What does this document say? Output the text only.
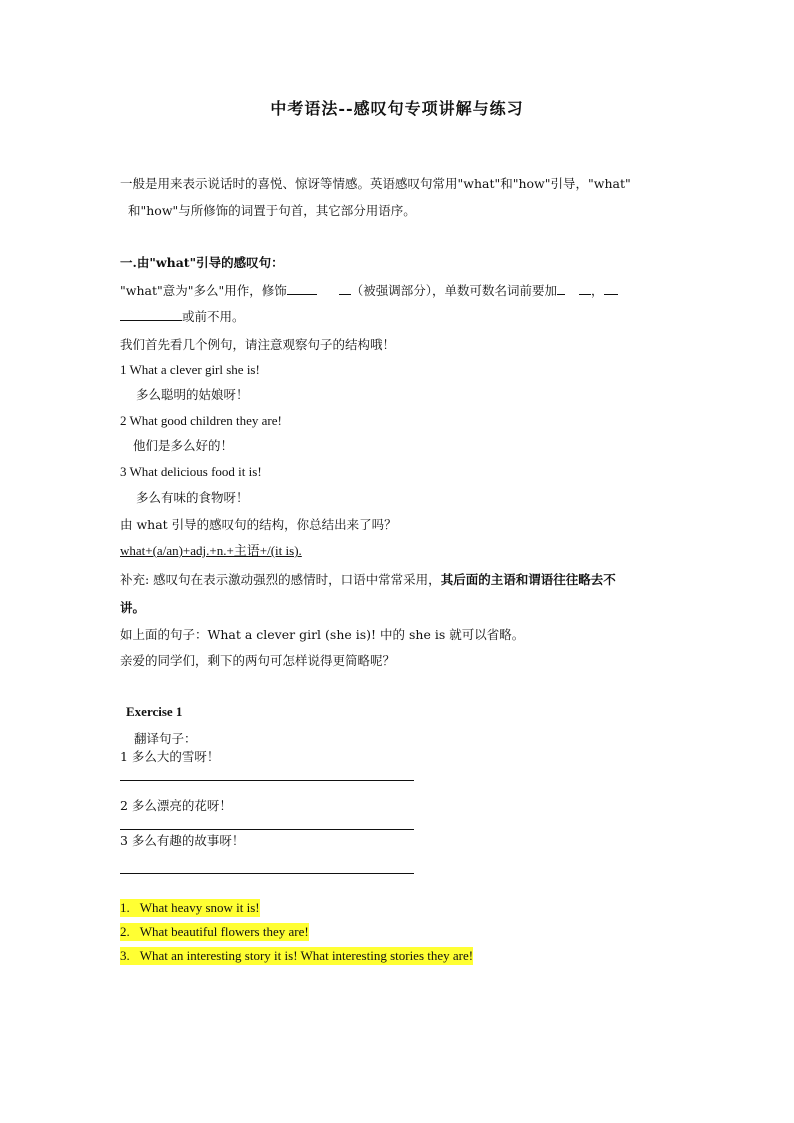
中考语法--感叹句专项讲解与练习
一般是用来表示说话时的喜悦、惊讶等情感。英语感叹句常用"what"和"how"引导，"what"
和"how"与所修饰的词置于句首，其它部分用语序。
一.由"what"引导的感叹句：
"what"意为"多么"用作，修饰	（被强调部分），单数可数名词前要加	，
或前不用。
我们首先看几个例句，请注意观察句子的结构哦！
1 What a clever girl she is!
多么聪明的姑娘呀！
2 What good children they are!
他们是多么好的！
3 What delicious food it is!
多么有味的食物呀！
由 what 引导的感叹句的结构，你总结出来了吗？
what+(a/an)+adj.+n.+主语+/(it is).
补充: 感叹句在表示激动强烈的感情时，口语中常常采用，其后面的主语和谓语往往略去不
讲。
如上面的句子：What a clever girl (she is)! 中的 she is 就可以省略。
亲爱的同学们，剩下的两句可怎样说得更简略呢？
Exercise 1
翻译句子：
1 多么大的雪呀！
2 多么漂亮的花呀！
3 多么有趣的故事呀！
1. What heavy snow it is!
2. What beautiful flowers they are!
3. What an interesting story it is! What interesting stories they are!
